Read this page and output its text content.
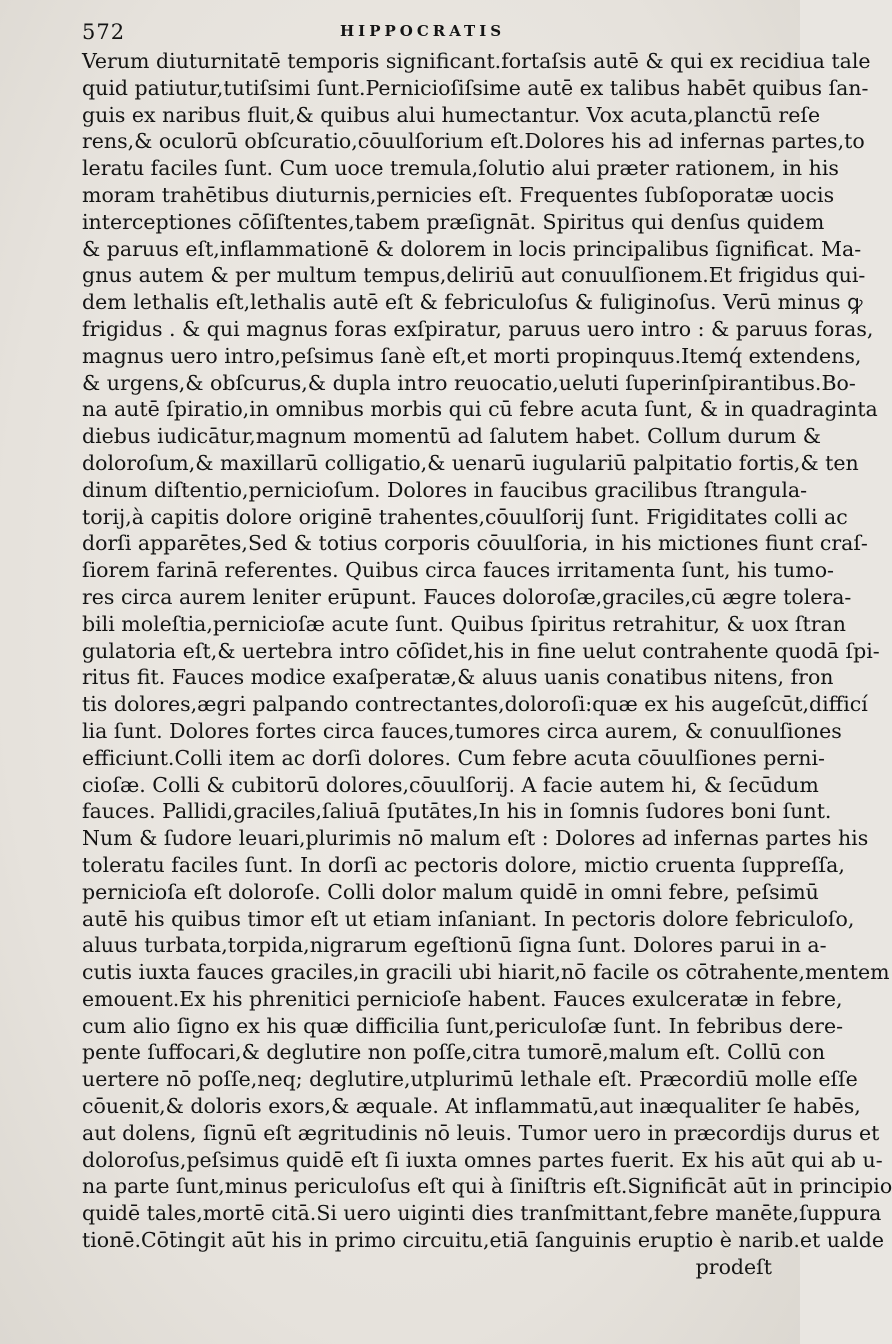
572	HIPPOCRATIS
Verum diuturnitatē temporis significant.fortaſsis autē & qui ex recidiua tale
quid patiutur,tutiſsimi ſunt.Pernicioſiſsime autē ex talibus habēt quibus ſan-
guis ex naribus fluit,& quibus alui humectantur. Vox acuta,planctū reſe
rens,& oculorū obſcuratio,cōuulſorium eſt.Dolores his ad infernas partes,to
leratu faciles ſunt. Cum uoce tremula,ſolutio alui præter rationem, in his
moram trahētibus diuturnis,pernicies eſt. Frequentes ſubſoporatæ uocis
interceptiones cōſiſtentes,tabem præſignāt. Spiritus qui denſus quidem
& paruus eſt,inflammationē & dolorem in locis principalibus ſignificat. Ma-
gnus autem & per multum tempus,deliriū aut conuulſionem.Et frigidus qui-
dem lethalis eſt,lethalis autē eſt & febriculoſus & fuliginoſus. Verū minus ꝙ
frigidus . & qui magnus foras exſpiratur, paruus uero intro : & paruus foras,
magnus uero intro,peſsimus ſanè eſt,et morti propinquus.Itemq́ extendens,
& urgens,& obſcurus,& dupla intro reuocatio,ueluti ſuperinſpirantibus.Bo-
na autē ſpiratio,in omnibus morbis qui cū febre acuta ſunt, & in quadraginta
diebus iudicātur,magnum momentū ad ſalutem habet. Collum durum &
doloroſum,& maxillarū colligatio,& uenarū iugulariū palpitatio fortis,& ten
dinum diſtentio,pernicioſum. Dolores in faucibus gracilibus ſtrangula-
torij,à capitis dolore originē trahentes,cōuulſorij ſunt. Frigiditates colli ac
dorſi apparētes,Sed & totius corporis cōuulſoria, in his mictiones fiunt craſ-
ſiorem farinā referentes. Quibus circa fauces irritamenta ſunt, his tumo-
res circa aurem leniter erūpunt. Fauces doloroſæ,graciles,cū ægre tolera-
bili moleſtia,pernicioſæ acute ſunt. Quibus ſpiritus retrahitur, & uox ſtran
gulatoria eſt,& uertebra intro cōſidet,his in fine uelut contrahente quodā ſpi-
ritus fit. Fauces modice exaſperatæ,& aluus uanis conatibus nitens, fron
tis dolores,ægri palpando contrectantes,doloroſi:quæ ex his augeſcūt,difficí
lia ſunt. Dolores fortes circa fauces,tumores circa aurem, & conuulſiones
efficiunt.Colli item ac dorſi dolores. Cum febre acuta cōuulſiones perni-
cioſæ. Colli & cubitorū dolores,cōuulſorij. A facie autem hi, & ſecūdum
fauces. Pallidi,graciles,ſaliuā ſputātes,In his in ſomnis ſudores boni ſunt.
Num & ſudore leuari,plurimis nō malum eſt : Dolores ad infernas partes his
toleratu faciles ſunt. In dorſi ac pectoris dolore, mictio cruenta ſuppreſſa,
pernicioſa eſt doloroſe. Colli dolor malum quidē in omni febre, peſsimū
autē his quibus timor eſt ut etiam inſaniant. In pectoris dolore febriculoſo,
aluus turbata,torpida,nigrarum egeſtionū ſigna ſunt. Dolores parui in a-
cutis iuxta fauces graciles,in gracili ubi hiarit,nō facile os cōtrahente,mentem
emouent.Ex his phrenitici pernicioſe habent. Fauces exulceratæ in febre,
cum alio ſigno ex his quæ difficilia ſunt,periculoſæ ſunt. In febribus dere-
pente ſuffocari,& deglutire non poſſe,citra tumorē,malum eſt. Collū con
uertere nō poſſe,neq; deglutire,utplurimū lethale eſt. Præcordiū molle eſſe
cōuenit,& doloris exors,& æquale. At inflammatū,aut inæqualiter ſe habēs,
aut dolens, ſignū eſt ægritudinis nō leuis. Tumor uero in præcordijs durus et
doloroſus,peſsimus quidē eſt ſi iuxta omnes partes fuerit. Ex his aūt qui ab u-
na parte ſunt,minus periculoſus eſt qui à ſiniſtris eſt.Significāt aūt in principio
quidē tales,mortē citā.Si uero uiginti dies tranſmittant,febre manēte,ſuppura
tionē.Cōtingit aūt his in primo circuitu,etiā ſanguinis eruptio è narib.et ualde
prodeſt
